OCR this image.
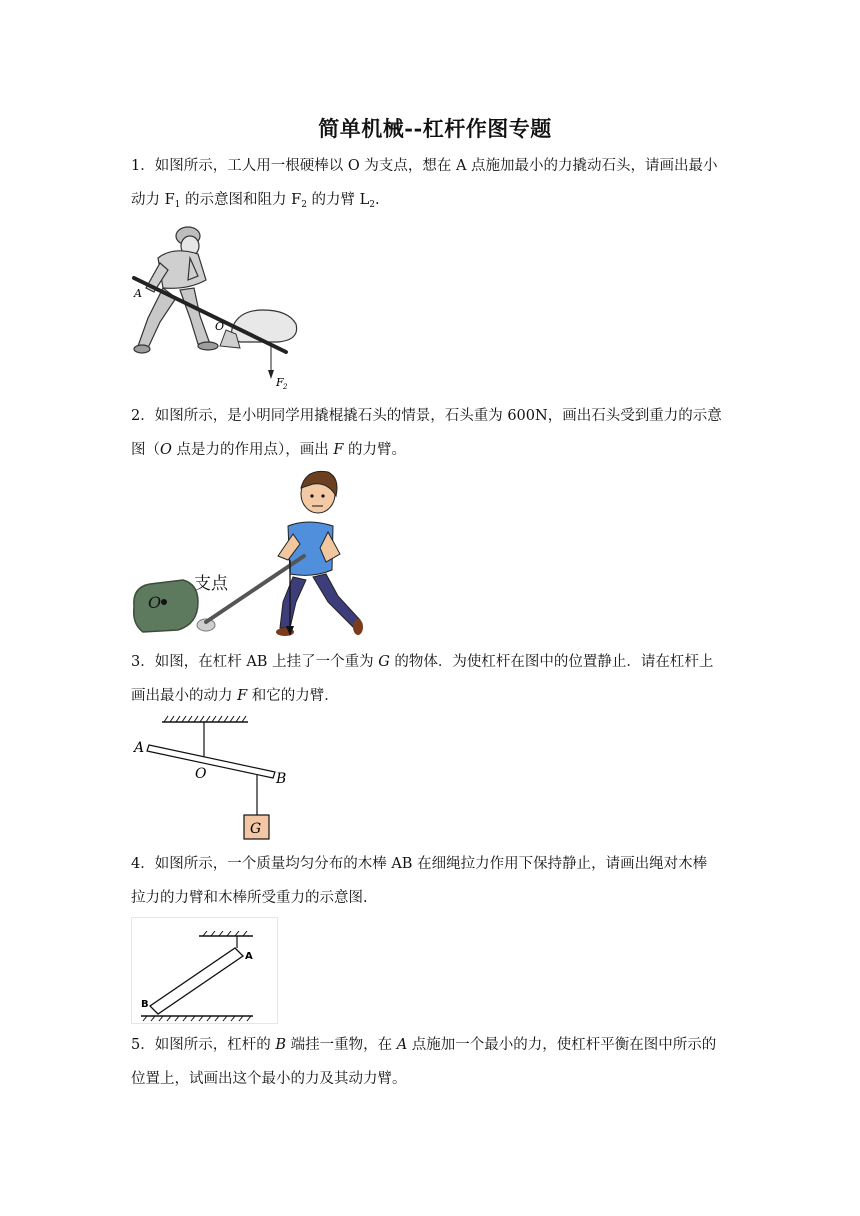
简单机械--杠杆作图专题
1．如图所示，工人用一根硬棒以 O 为支点，想在 A 点施加最小的力撬动石头，请画出最小
动力 $F_1$ 的示意图和阻力 $F_2$ 的力臂 $L_2$.
A
O
F 2
2．如图所示，是小明同学用撬棍撬石头的情景，石头重为 600N，画出石头受到重力的示意
图（O 点是力的作用点），画出 F 的力臂。
O
支点
3．如图，在杠杆 AB 上挂了一个重为 G 的物体．为使杠杆在图中的位置静止．请在杠杆上
画出最小的动力 F 和它的力臂．
G
A
O	B
4．如图所示，一个质量均匀分布的木棒 AB 在细绳拉力作用下保持静止，请画出绳对木棒
拉力的力臂和木棒所受重力的示意图.
A
B
5．如图所示，杠杆的 B 端挂一重物，在 A 点施加一个最小的力，使杠杆平衡在图中所示的
位置上，试画出这个最小的力及其动力臂。
